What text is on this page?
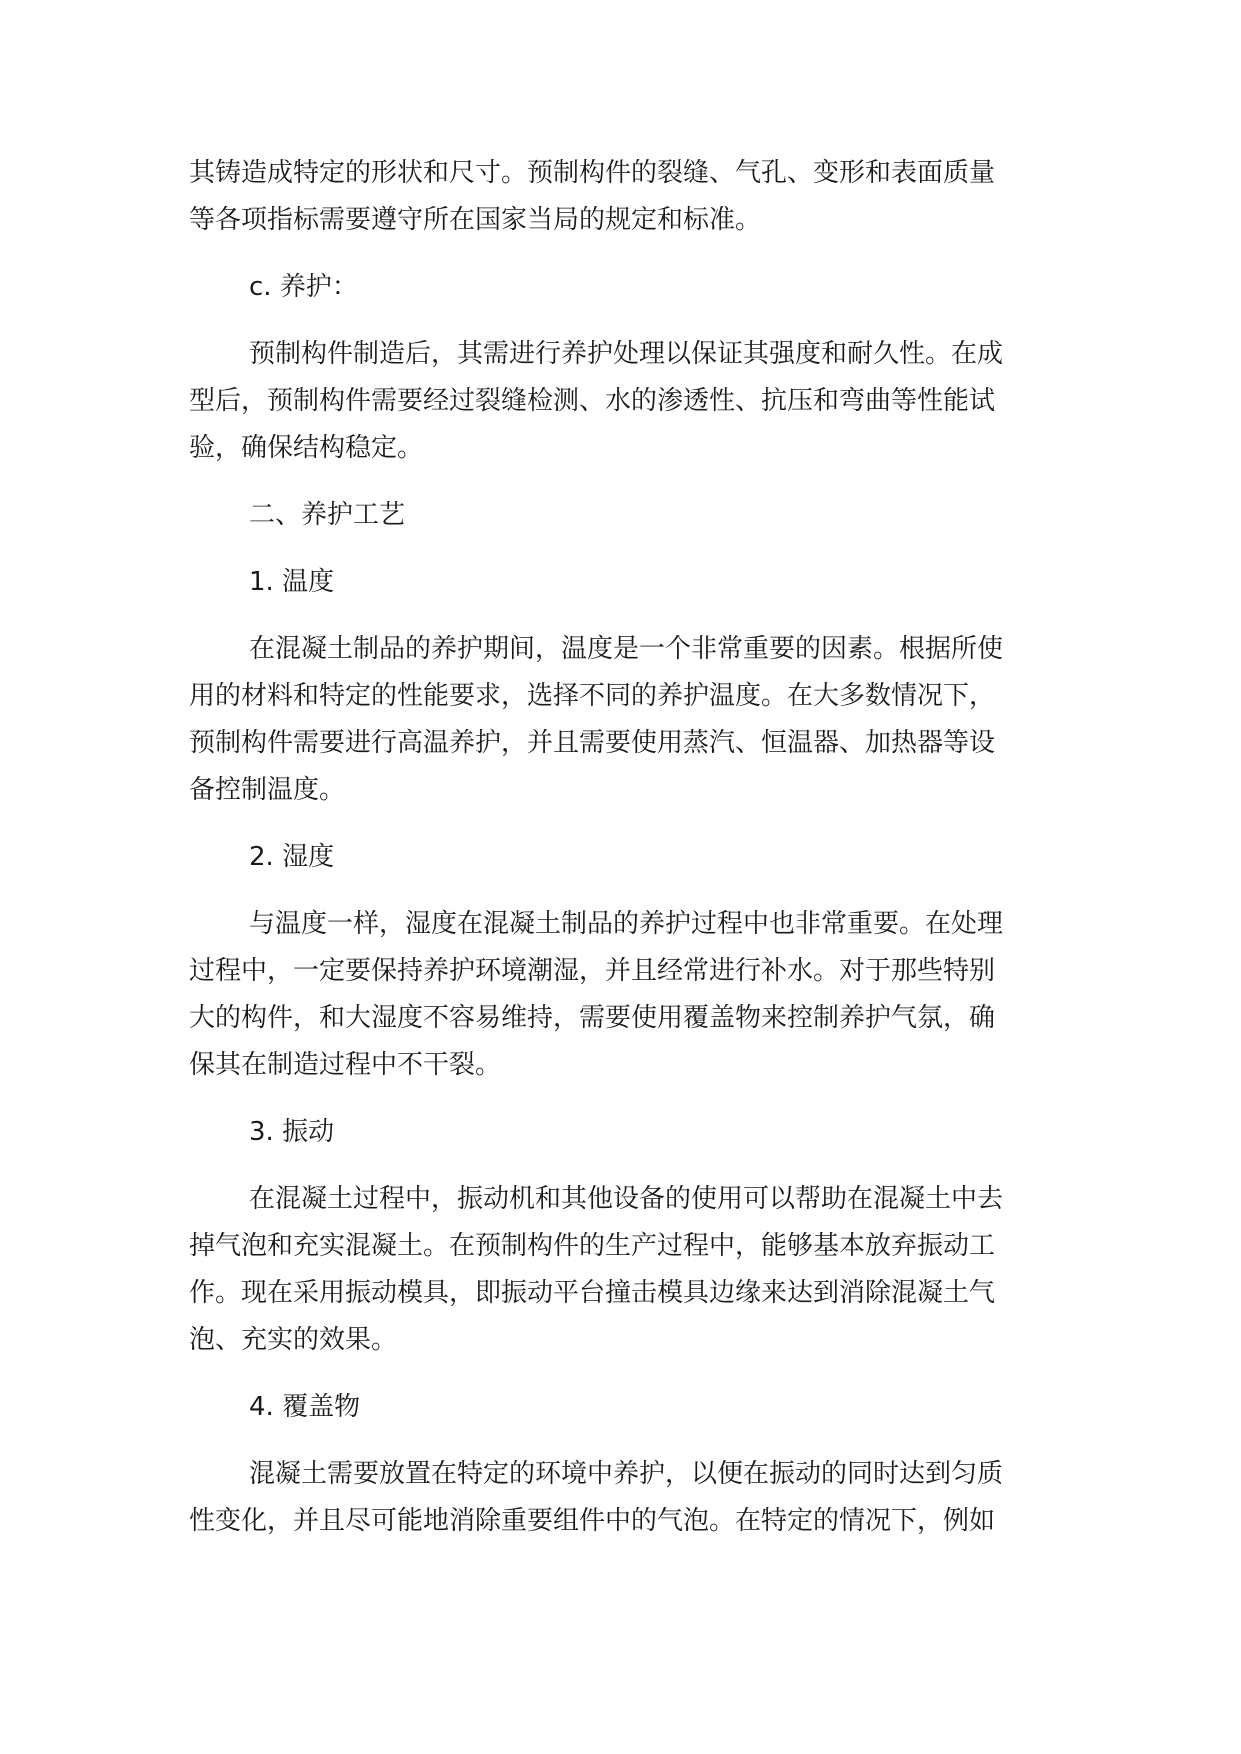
其铸造成特定的形状和尺寸。预制构件的裂缝、气孔、变形和表面质量
等各项指标需要遵守所在国家当局的规定和标准。

c. 养护：

预制构件制造后，其需进行养护处理以保证其强度和耐久性。在成
型后，预制构件需要经过裂缝检测、水的渗透性、抗压和弯曲等性能试
验，确保结构稳定。

二、养护工艺

1. 温度

在混凝土制品的养护期间，温度是一个非常重要的因素。根据所使
用的材料和特定的性能要求，选择不同的养护温度。在大多数情况下，
预制构件需要进行高温养护，并且需要使用蒸汽、恒温器、加热器等设
备控制温度。

2. 湿度

与温度一样，湿度在混凝土制品的养护过程中也非常重要。在处理
过程中，一定要保持养护环境潮湿，并且经常进行补水。对于那些特别
大的构件，和大湿度不容易维持，需要使用覆盖物来控制养护气氛，确
保其在制造过程中不干裂。

3. 振动

在混凝土过程中，振动机和其他设备的使用可以帮助在混凝土中去
掉气泡和充实混凝土。在预制构件的生产过程中，能够基本放弃振动工
作。现在采用振动模具，即振动平台撞击模具边缘来达到消除混凝土气
泡、充实的效果。

4. 覆盖物

混凝土需要放置在特定的环境中养护，以便在振动的同时达到匀质
性变化，并且尽可能地消除重要组件中的气泡。在特定的情况下，例如
